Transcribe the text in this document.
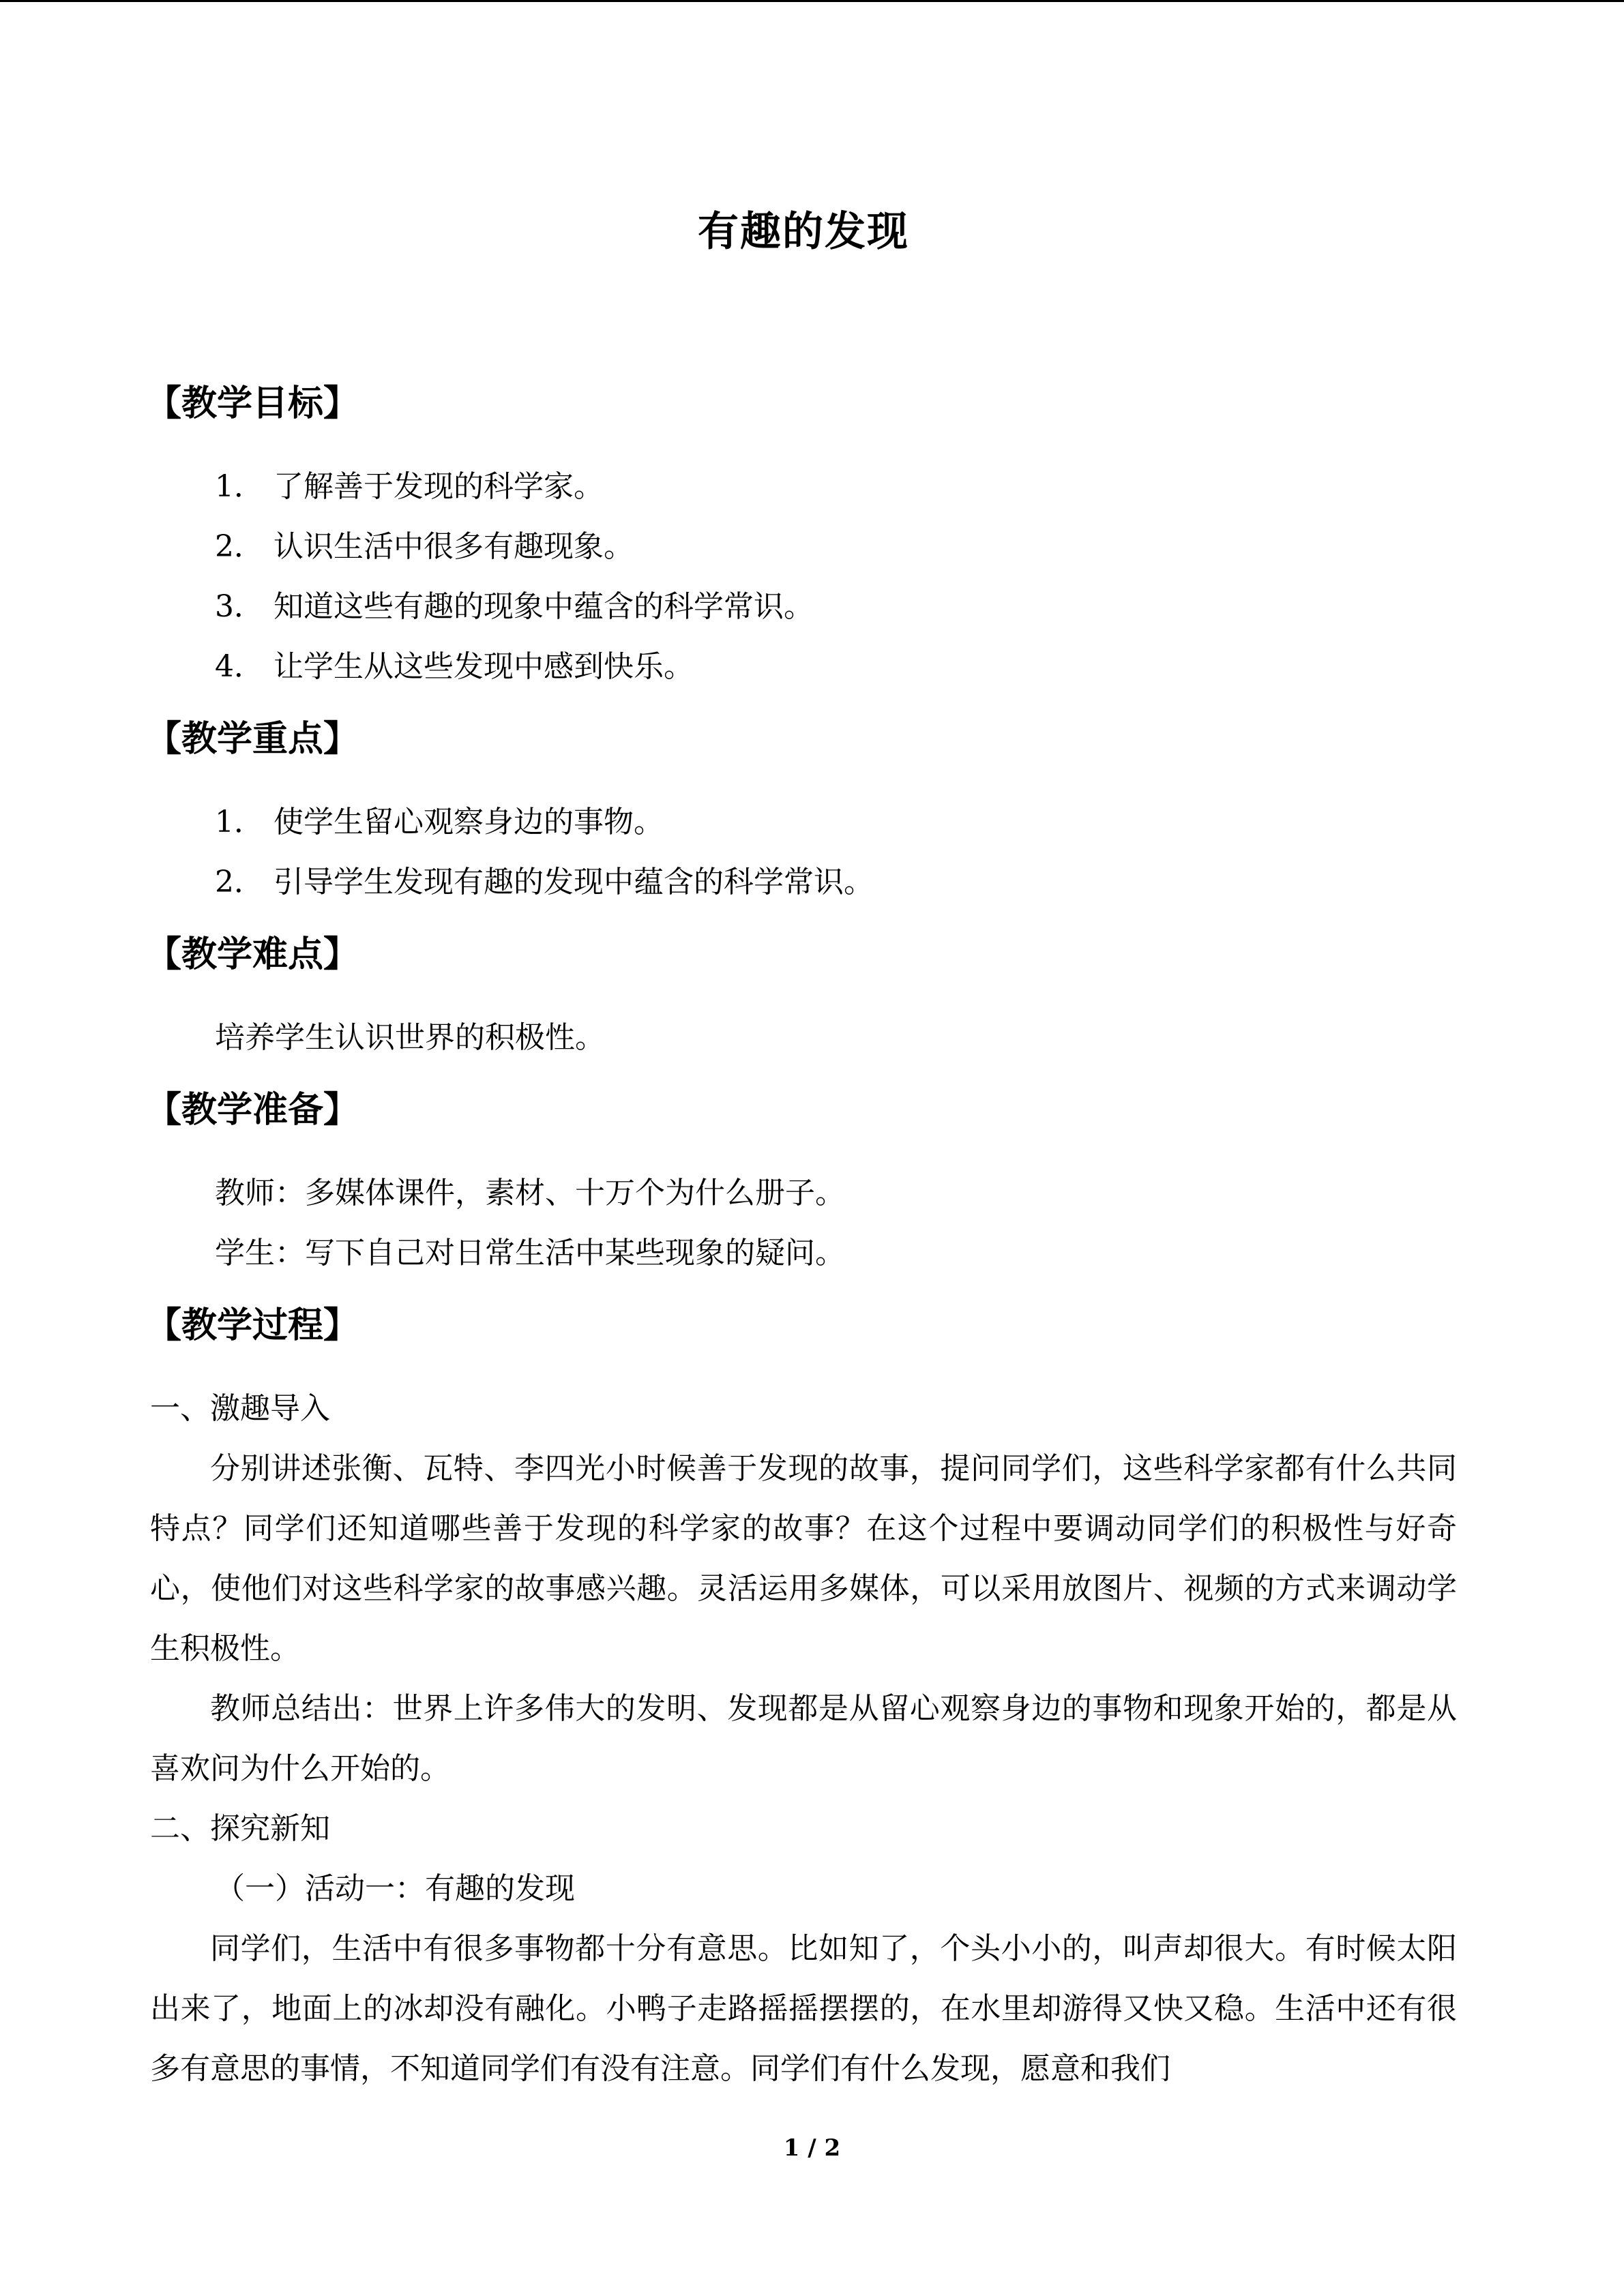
有趣的发现
【教学目标】

1． 了解善于发现的科学家。

2． 认识生活中很多有趣现象。

3． 知道这些有趣的现象中蕴含的科学常识。

4． 让学生从这些发现中感到快乐。

【教学重点】

1． 使学生留心观察身边的事物。

2． 引导学生发现有趣的发现中蕴含的科学常识。

【教学难点】

培养学生认识世界的积极性。

【教学准备】

教师：多媒体课件，素材、十万个为什么册子。

学生：写下自己对日常生活中某些现象的疑问。

【教学过程】

一、激趣导入

分别讲述张衡、瓦特、李四光小时候善于发现的故事，提问同学们，这些科学家都有什么共同特点？同学们还知道哪些善于发现的科学家的故事？在这个过程中要调动同学们的积极性与好奇心，使他们对这些科学家的故事感兴趣。灵活运用多媒体，可以采用放图片、视频的方式来调动学生积极性。

教师总结出：世界上许多伟大的发明、发现都是从留心观察身边的事物和现象开始的，都是从喜欢问为什么开始的。

二、探究新知

（一）活动一：有趣的发现

同学们，生活中有很多事物都十分有意思。比如知了，个头小小的，叫声却很大。有时候太阳出来了，地面上的冰却没有融化。小鸭子走路摇摇摆摆的，在水里却游得又快又稳。生活中还有很多有意思的事情，不知道同学们有没有注意。同学们有什么发现，愿意和我们

1 / 2
